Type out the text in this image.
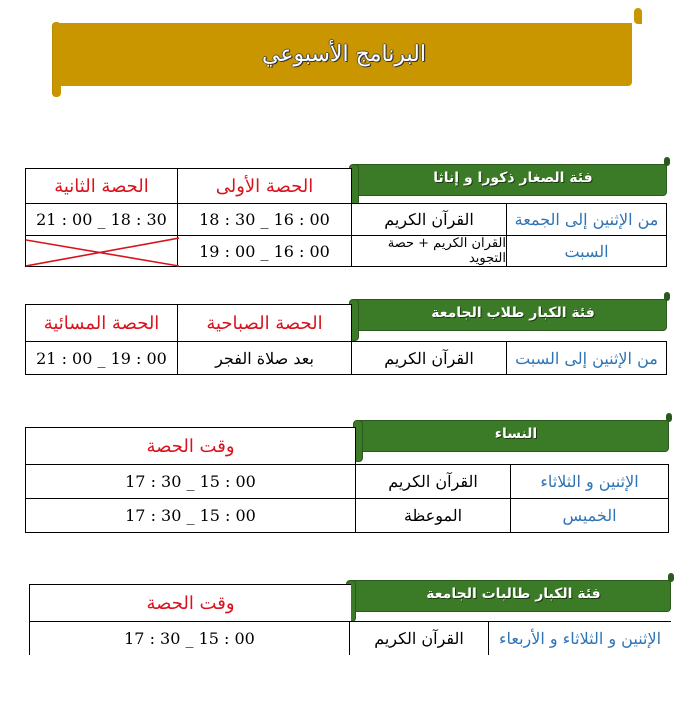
البرنامج الأسبوعي
فئة الصغار ذكورا و إناثا
الحصة الأولى
الحصة الثانية
من الإثنين إلى الجمعة
القرآن الكريم
18 : 30 _ 16 : 00
21 : 00 _ 18 : 30
السبت
القران الكريم + حصة التجويد
19 : 00 _ 16 : 00
فئة الكبار طلاب الجامعة
الحصة الصباحية
الحصة المسائية
من الإثنين إلى السبت
القرآن الكريم
بعد صلاة الفجر
21 : 00 _ 19 : 00
النساء
وقت الحصة
الإثنين و الثلاثاء
القرآن الكريم
17 : 30 _ 15 : 00
الخميس
الموعظة
17 : 30 _ 15 : 00
فئة الكبار طالبات الجامعة
وقت الحصة
الإثنين و الثلاثاء و الأربعاء
القرآن الكريم
17 : 30 _ 15 : 00
